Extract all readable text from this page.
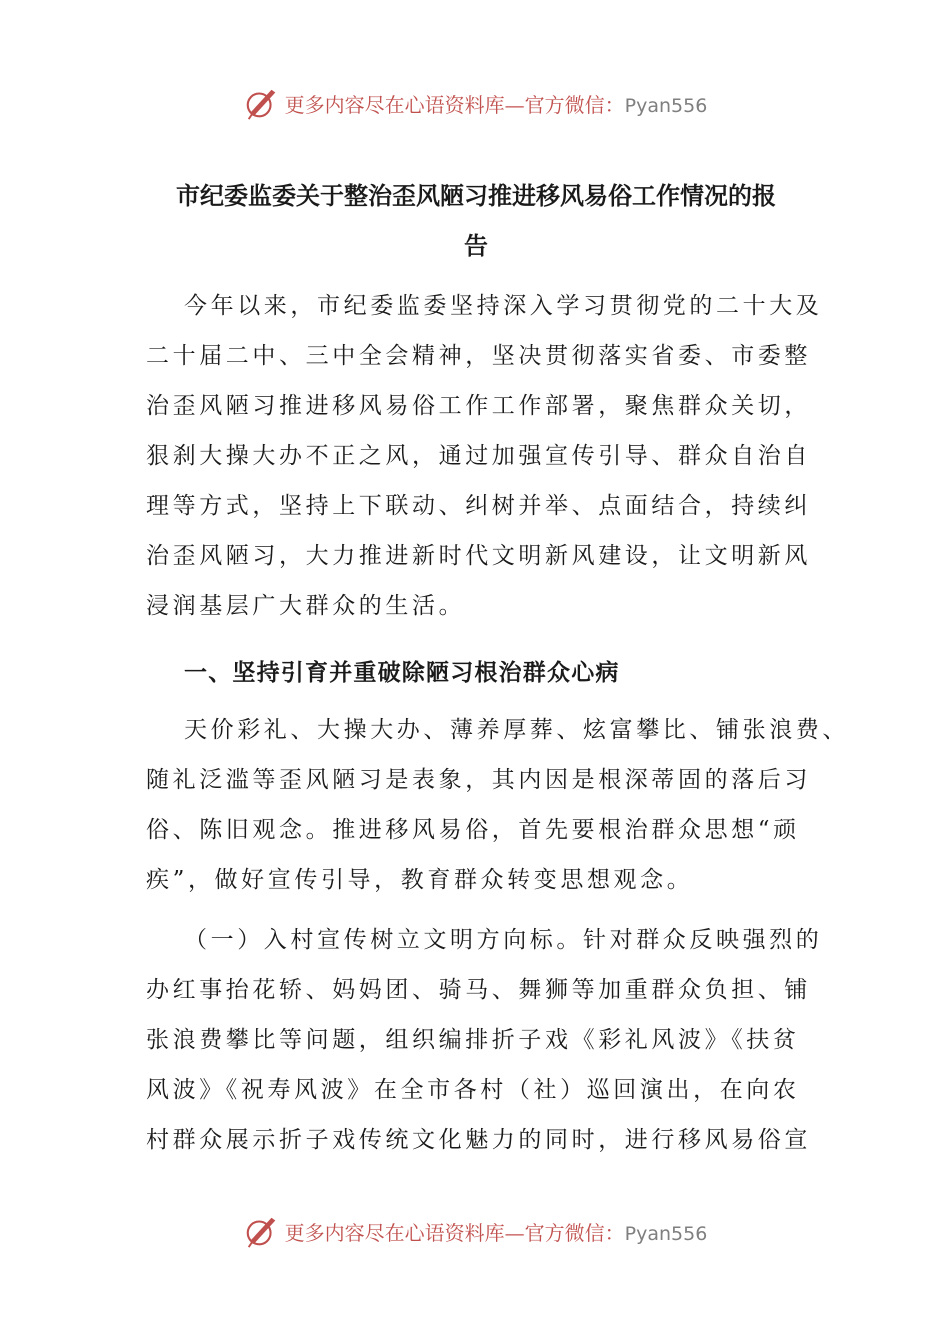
更多内容尽在心语资料库—官方微信：Pyan556
市纪委监委关于整治歪风陋习推进移风易俗工作情况的报
告
今年以来，市纪委监委坚持深入学习贯彻党的二十大及
二十届二中、三中全会精神，坚决贯彻落实省委、市委整
治歪风陋习推进移风易俗工作工作部署，聚焦群众关切，
狠刹大操大办不正之风，通过加强宣传引导、群众自治自
理等方式，坚持上下联动、纠树并举、点面结合，持续纠
治歪风陋习，大力推进新时代文明新风建设，让文明新风
浸润基层广大群众的生活。
一、坚持引育并重破除陋习根治群众心病
天价彩礼、大操大办、薄养厚葬、炫富攀比、铺张浪费、
随礼泛滥等歪风陋习是表象，其内因是根深蒂固的落后习
俗、陈旧观念。推进移风易俗，首先要根治群众思想“顽
疾”，做好宣传引导，教育群众转变思想观念。
（一）入村宣传树立文明方向标。针对群众反映强烈的
办红事抬花轿、妈妈团、骑马、舞狮等加重群众负担、铺
张浪费攀比等问题，组织编排折子戏《彩礼风波》《扶贫
风波》《祝寿风波》在全市各村（社）巡回演出，在向农
村群众展示折子戏传统文化魅力的同时，进行移风易俗宣
更多内容尽在心语资料库—官方微信：Pyan556
